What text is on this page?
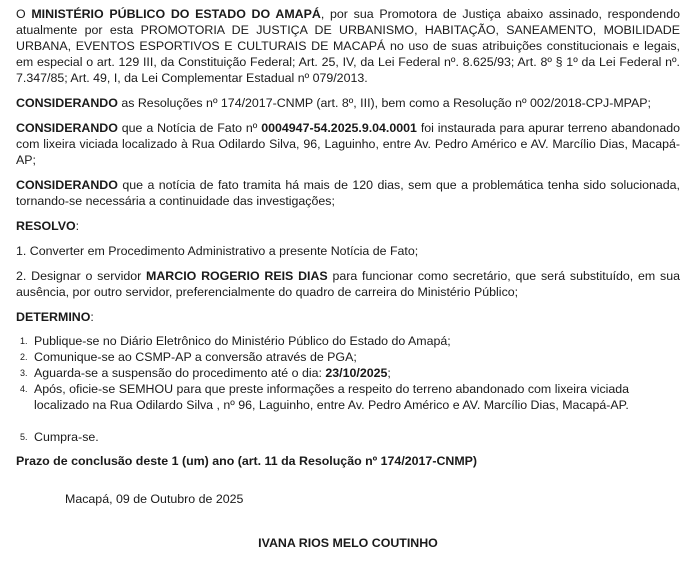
O MINISTÉRIO PÚBLICO DO ESTADO DO AMAPÁ, por sua Promotora de Justiça abaixo assinado, respondendo atualmente por esta PROMOTORIA DE JUSTIÇA DE URBANISMO, HABITAÇÃO, SANEAMENTO, MOBILIDADE URBANA, EVENTOS ESPORTIVOS E CULTURAIS DE MACAPÁ no uso de suas atribuições constitucionais e legais, em especial o art. 129 III, da Constituição Federal; Art. 25, IV, da Lei Federal nº. 8.625/93; Art. 8º § 1º da Lei Federal nº. 7.347/85; Art. 49, I, da Lei Complementar Estadual nº 079/2013.

CONSIDERANDO as Resoluções nº 174/2017-CNMP (art. 8º, III), bem como a Resolução nº 002/2018-CPJ-MPAP;

CONSIDERANDO que a Notícia de Fato nº 0004947-54.2025.9.04.0001 foi instaurada para apurar terreno abandonado com lixeira viciada localizado à Rua Odilardo Silva, 96, Laguinho, entre Av. Pedro Américo e AV. Marcílio Dias, Macapá-AP;

CONSIDERANDO que a notícia de fato tramita há mais de 120 dias, sem que a problemática tenha sido solucionada, tornando-se necessária a continuidade das investigações;

RESOLVO:

1. Converter em Procedimento Administrativo a presente Notícia de Fato;

2. Designar o servidor MARCIO ROGERIO REIS DIAS para funcionar como secretário, que será substituído, em sua ausência, por outro servidor, preferencialmente do quadro de carreira do Ministério Público;

DETERMINO:

1. Publique-se no Diário Eletrônico do Ministério Público do Estado do Amapá;
2. Comunique-se ao CSMP-AP a conversão através de PGA;
3. Aguarda-se a suspensão do procedimento até o dia: 23/10/2025;
4. Após, oficie-se SEMHOU para que preste informações a respeito do terreno abandonado com lixeira viciada localizado na Rua Odilardo Silva , nº 96, Laguinho, entre Av. Pedro Américo e AV. Marcílio Dias, Macapá-AP.
5. Cumpra-se.

Prazo de conclusão deste 1 (um) ano (art. 11 da Resolução nº 174/2017-CNMP)

Macapá, 09 de Outubro de 2025

IVANA RIOS MELO COUTINHO
